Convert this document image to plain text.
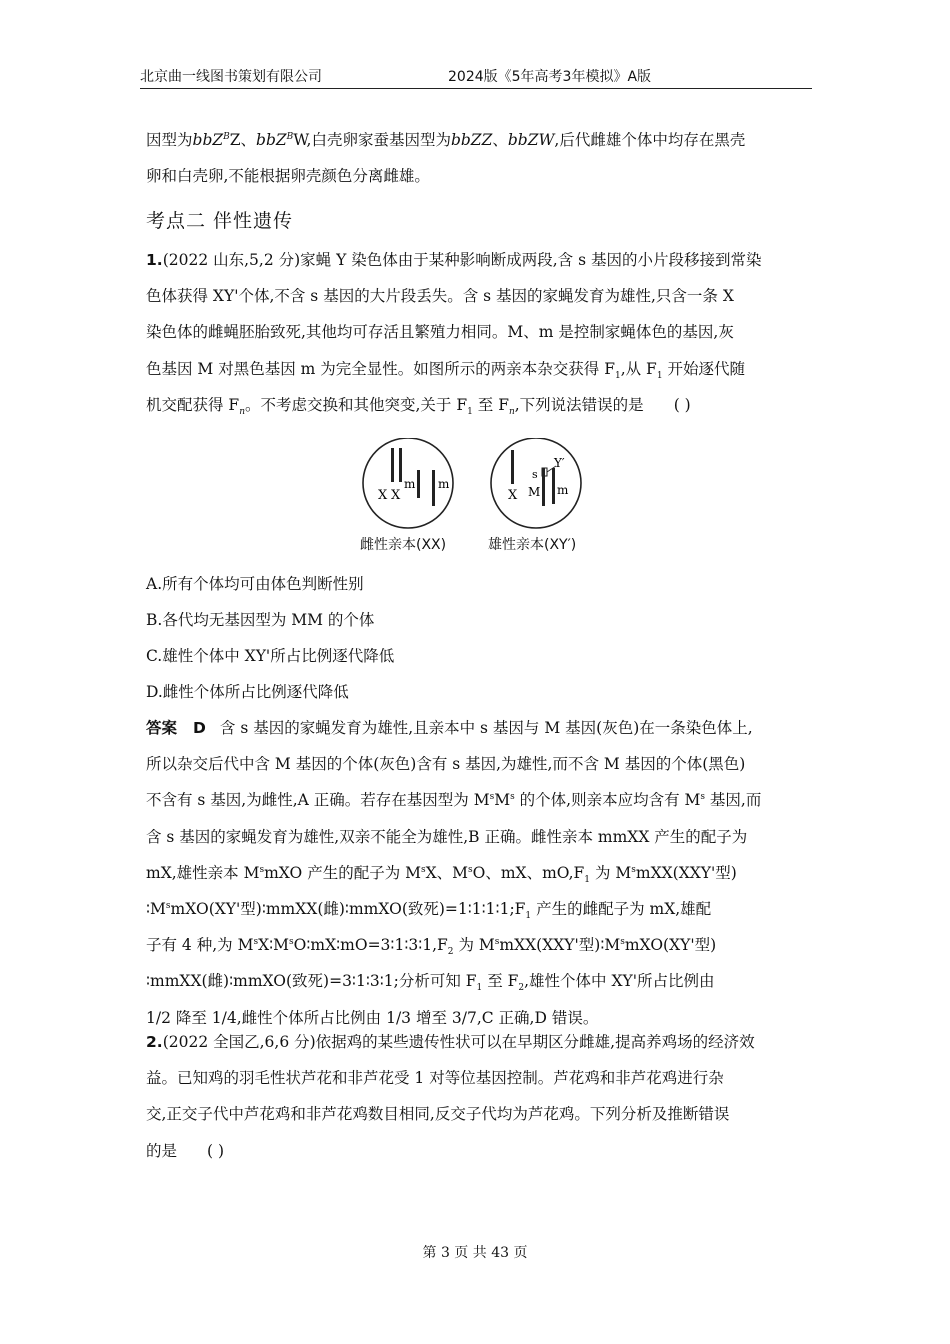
北京曲一线图书策划有限公司	2024版《5年高考3年模拟》A版

因型为bbZ$^B$Z、bbZ$^B$W,白壳卵家蚕基因型为bbZZ、bbZW,后代雌雄个体中均存在黑壳

卵和白壳卵,不能根据卵壳颜色分离雌雄。

考点二 伴性遗传

1.(2022 山东,5,2 分)家蝇 Y 染色体由于某种影响断成两段,含 s 基因的小片段移接到常染

色体获得 XY'个体,不含 s 基因的大片段丢失。含 s 基因的家蝇发育为雄性,只含一条 X

染色体的雌蝇胚胎致死,其他均可存活且繁殖力相同。M、m 是控制家蝇体色的基因,灰

色基因 M 对黑色基因 m 为完全显性。如图所示的两亲本杂交获得 $F_1$,从 $F_1$ 开始逐代随

机交配获得 $F_n$。不考虑交换和其他突变,关于 $F_1$ 至 $F_n$,下列说法错误的是 ( )

X X
m m
X
s
Y′
M m
雌性亲本(XX)	雄性亲本(XY′)
A.所有个体均可由体色判断性别
B.各代均无基因型为 MM 的个体
C.雄性个体中 XY'所占比例逐代降低
D.雌性个体所占比例逐代降低

答案 D 含 s 基因的家蝇发育为雄性,且亲本中 s 基因与 M 基因(灰色)在一条染色体上,

所以杂交后代中含 M 基因的个体(灰色)含有 s 基因,为雄性,而不含 M 基因的个体(黑色)

不含有 s 基因,为雌性,A 正确。若存在基因型为 $M^sM^s$ 的个体,则亲本应均含有 $M^s$ 基因,而

含 s 基因的家蝇发育为雄性,双亲不能全为雄性,B 正确。雌性亲本 mmXX 产生的配子为

mX,雄性亲本 $M^smXO$ 产生的配子为 $M^sX$、$M^sO$、mX、$mO,F_1$ 为 $M^smXX(XXY'$型)

$∶M^smXO(XY'$型)∶mmXX(雌)∶mmXO(致死)$=1∶1∶1∶1;F_1$ 产生的雌配子为 mX,雄配

子有 4 种,为 $M^sX∶M^sO∶mX∶mO=3∶1∶3∶1,F_2$ 为 $M^smXX(XXY'$型)$∶M^smXO(XY'$型)

∶mmXX(雌)∶mmXO(致死)=3∶1∶3∶1;分析可知 $F_1$ 至 $F_2$,雄性个体中 XY'所占比例由

1/2 降至 1/4,雌性个体所占比例由 1/3 增至 3/7,C 正确,D 错误。

2.(2022 全国乙,6,6 分)依据鸡的某些遗传性状可以在早期区分雌雄,提高养鸡场的经济效

益。已知鸡的羽毛性状芦花和非芦花受 1 对等位基因控制。芦花鸡和非芦花鸡进行杂

交,正交子代中芦花鸡和非芦花鸡数目相同,反交子代均为芦花鸡。下列分析及推断错误

的是 ( )

第 3 页 共 43 页
